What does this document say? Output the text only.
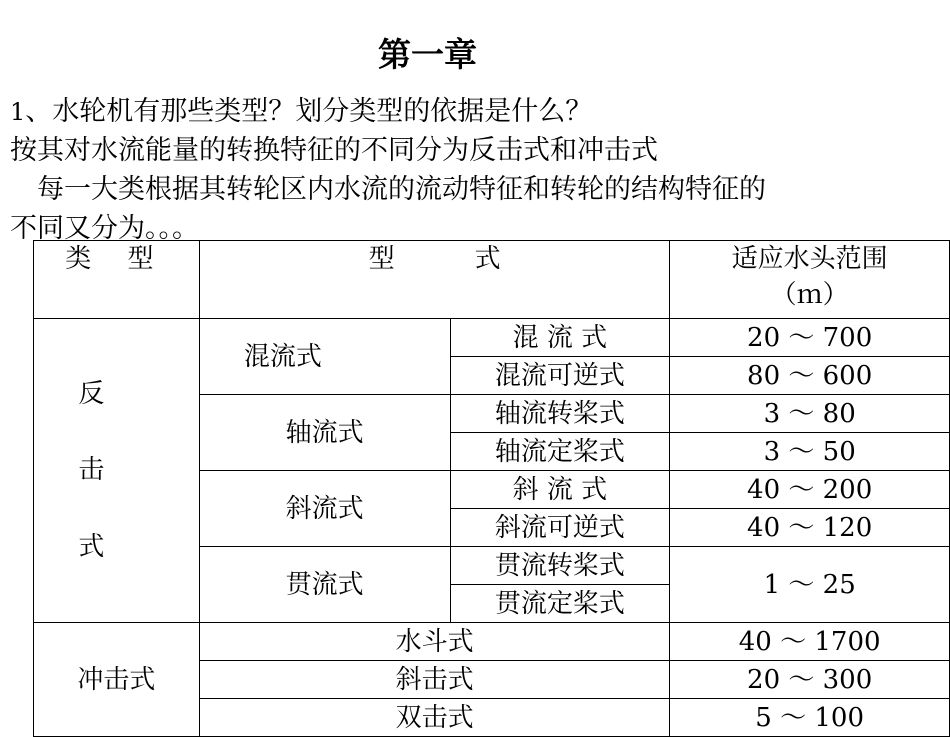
第一章

1、水轮机有那些类型？划分类型的依据是什么？

按其对水流能量的转换特征的不同分为反击式和冲击式

　每一大类根据其转轮区内水流的流动特征和转轮的结构特征的

不同又分为。。。

类 型	型 式		适应水头范围
（ｍ）

反
击
式	混流式	混 流 式	20 ～ 700
		混流可逆式	80 ～ 600
	轴流式	轴流转桨式	3 ～ 80
		轴流定桨式	3 ～ 50
	斜流式	斜 流 式	40 ～ 200
		斜流可逆式	40 ～ 120
	贯流式	贯流转桨式	1 ～ 25
		贯流定桨式	
冲击式	水斗式		40 ～ 1700
	斜击式		20 ～ 300
	双击式		5 ～ 100
